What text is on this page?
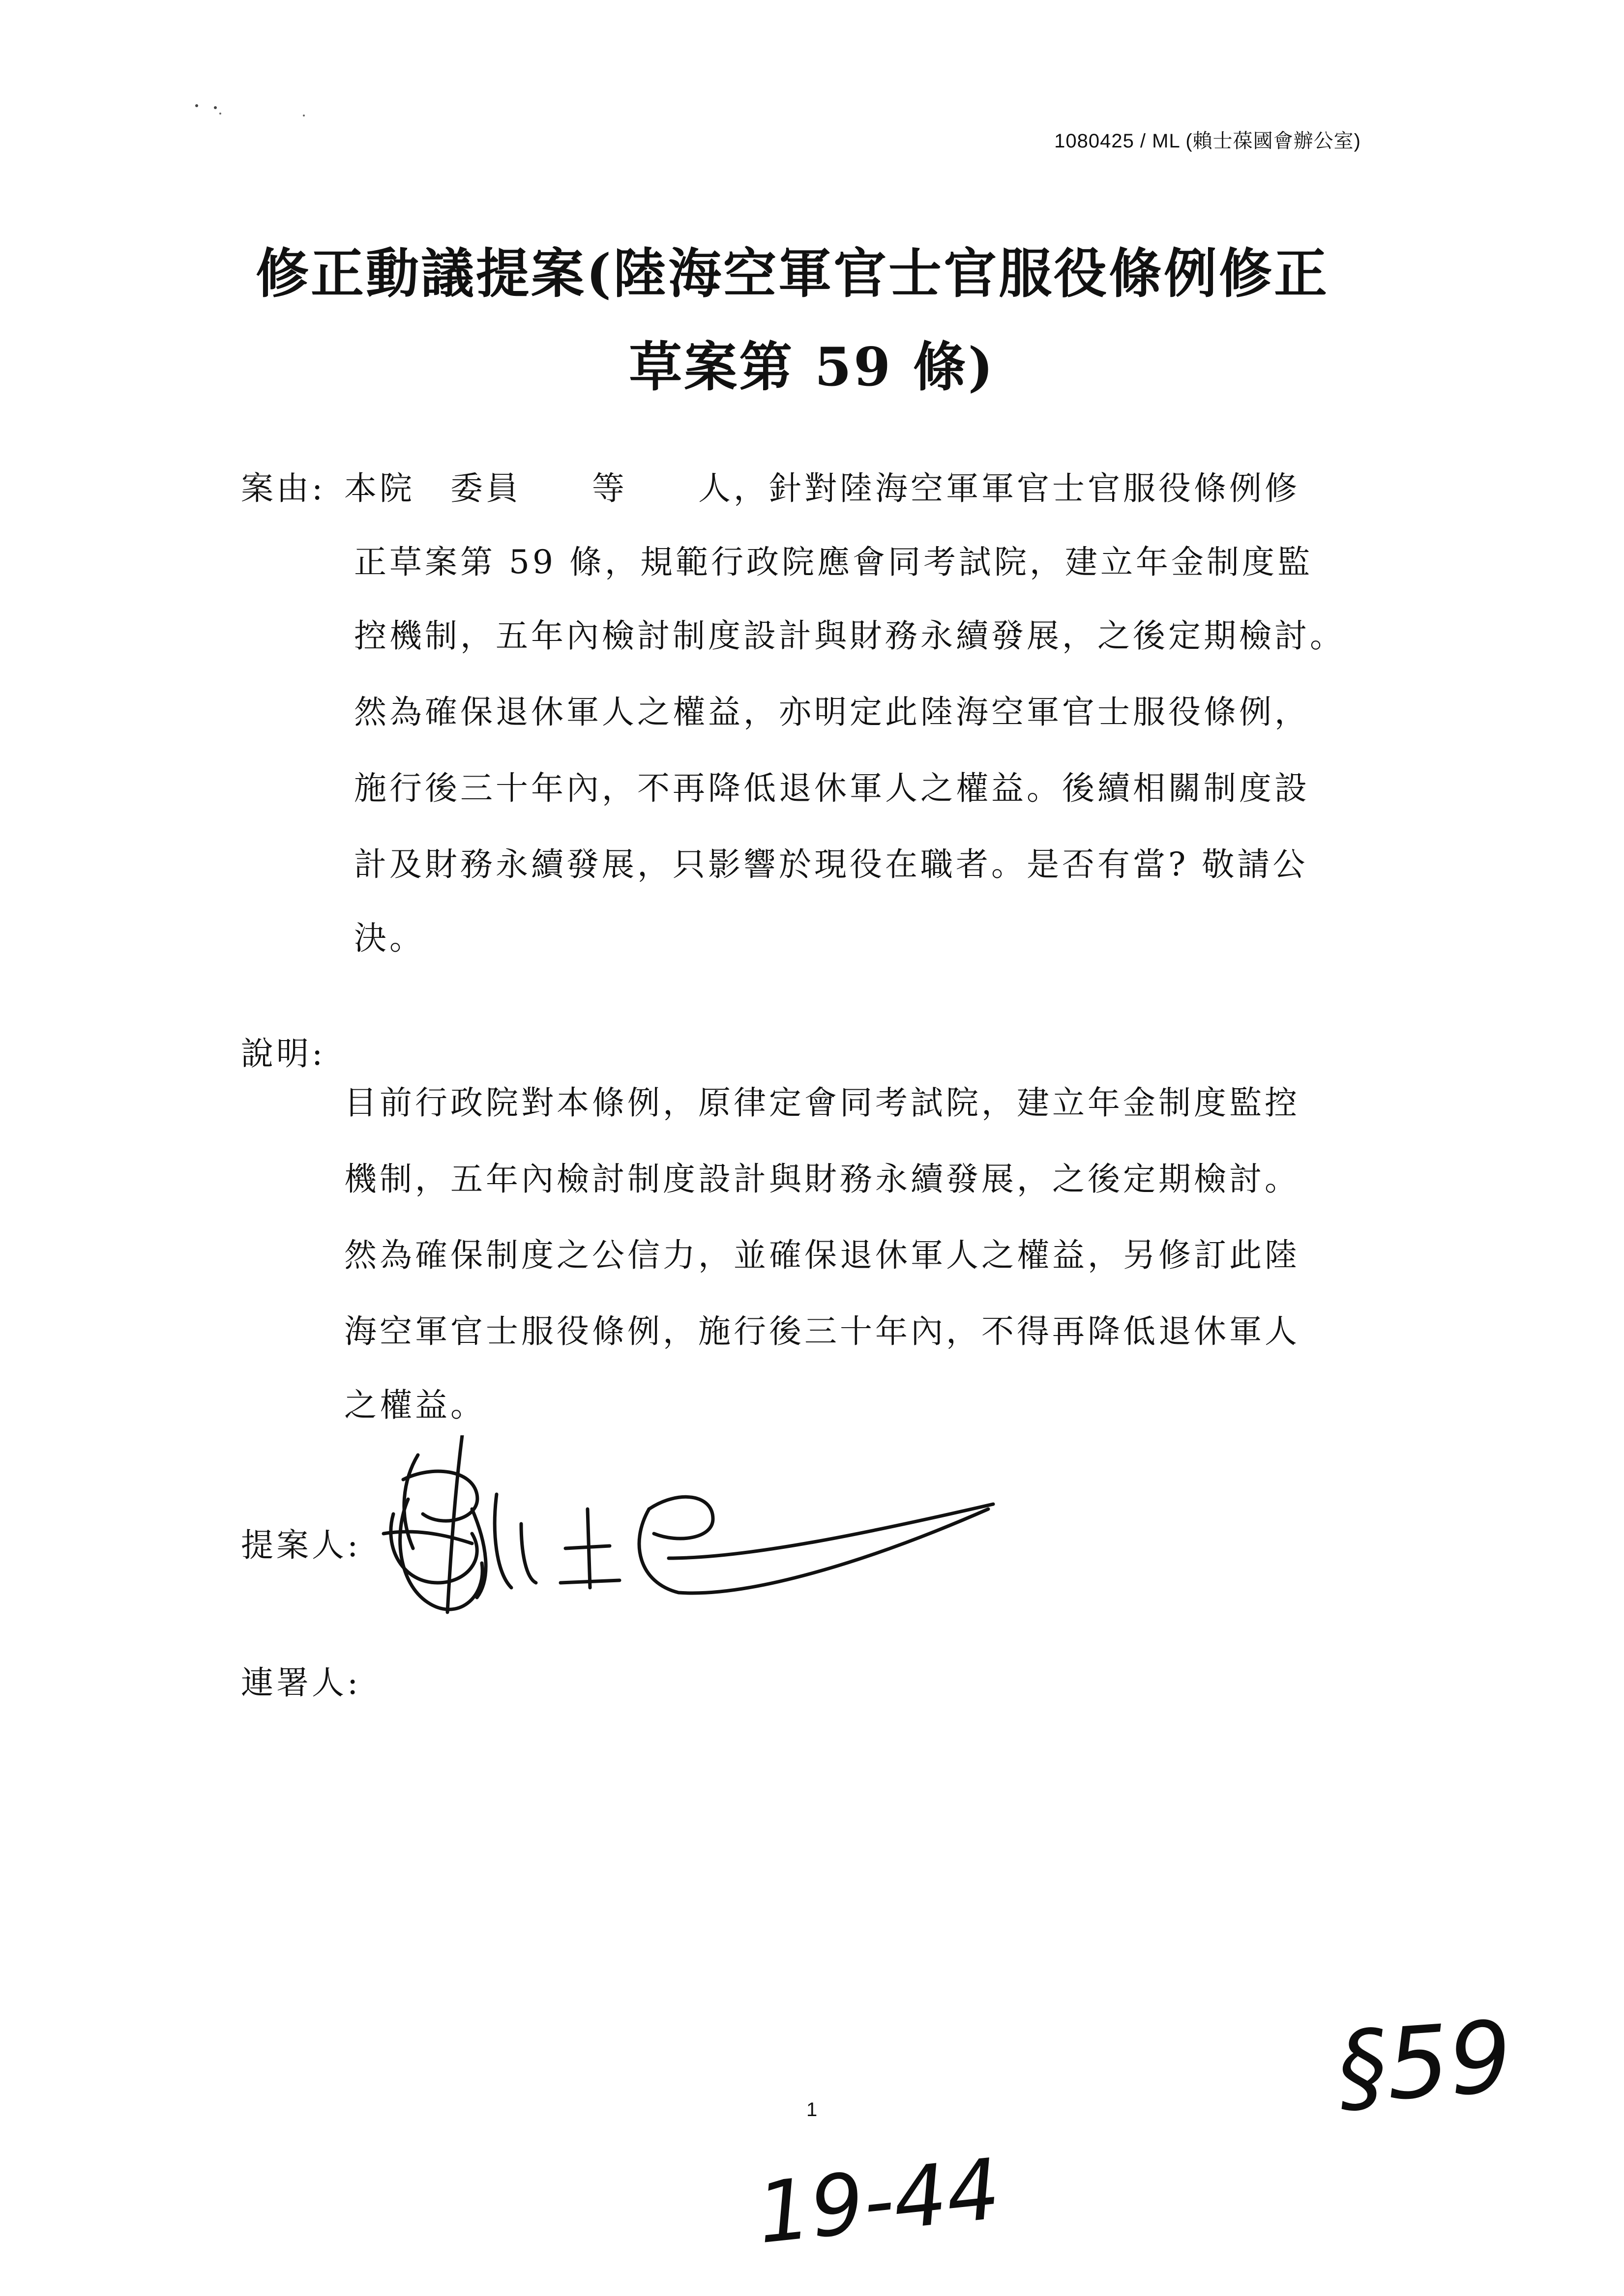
1080425 / ML (賴士葆國會辦公室)
修正動議提案(陸海空軍官士官服役條例修正
草案第 59 條)
案由: 本院　委員　　等　　人，針對陸海空軍軍官士官服役條例修
正草案第 59 條，規範行政院應會同考試院，建立年金制度監
控機制，五年內檢討制度設計與財務永續發展，之後定期檢討。
然為確保退休軍人之權益，亦明定此陸海空軍官士服役條例，
施行後三十年內，不再降低退休軍人之權益。後續相關制度設
計及財務永續發展，只影響於現役在職者。是否有當? 敬請公
決。
說明:
目前行政院對本條例，原律定會同考試院，建立年金制度監控
機制，五年內檢討制度設計與財務永續發展，之後定期檢討。
然為確保制度之公信力，並確保退休軍人之權益，另修訂此陸
海空軍官士服役條例，施行後三十年內，不得再降低退休軍人
之權益。
提案人:
連署人:
1	§59
19-44
